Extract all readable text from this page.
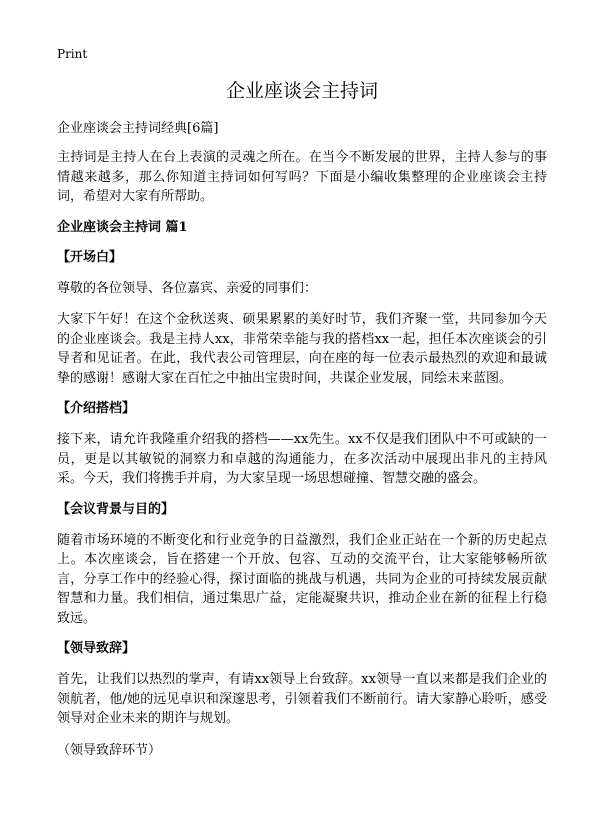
Print
企业座谈会主持词

企业座谈会主持词经典[6篇]

主持词是主持人在台上表演的灵魂之所在。在当今不断发展的世界，主持人参与的事情越来越多，那么你知道主持词如何写吗？下面是小编收集整理的企业座谈会主持词，希望对大家有所帮助。

企业座谈会主持词 篇1

【开场白】

尊敬的各位领导、各位嘉宾、亲爱的同事们：

大家下午好！在这个金秋送爽、硕果累累的美好时节，我们齐聚一堂，共同参加今天的企业座谈会。我是主持人xx，非常荣幸能与我的搭档xx一起，担任本次座谈会的引导者和见证者。在此，我代表公司管理层，向在座的每一位表示最热烈的欢迎和最诚挚的感谢！感谢大家在百忙之中抽出宝贵时间，共谋企业发展，同绘未来蓝图。

【介绍搭档】

接下来，请允许我隆重介绍我的搭档——xx先生。xx不仅是我们团队中不可或缺的一员，更是以其敏锐的洞察力和卓越的沟通能力，在多次活动中展现出非凡的主持风采。今天，我们将携手并肩，为大家呈现一场思想碰撞、智慧交融的盛会。

【会议背景与目的】

随着市场环境的不断变化和行业竞争的日益激烈，我们企业正站在一个新的历史起点上。本次座谈会，旨在搭建一个开放、包容、互动的交流平台，让大家能够畅所欲言，分享工作中的经验心得，探讨面临的挑战与机遇，共同为企业的可持续发展贡献智慧和力量。我们相信，通过集思广益，定能凝聚共识，推动企业在新的征程上行稳致远。

【领导致辞】

首先，让我们以热烈的掌声，有请xx领导上台致辞。xx领导一直以来都是我们企业的领航者，他/她的远见卓识和深邃思考，引领着我们不断前行。请大家静心聆听，感受领导对企业未来的期许与规划。

（领导致辞环节）
